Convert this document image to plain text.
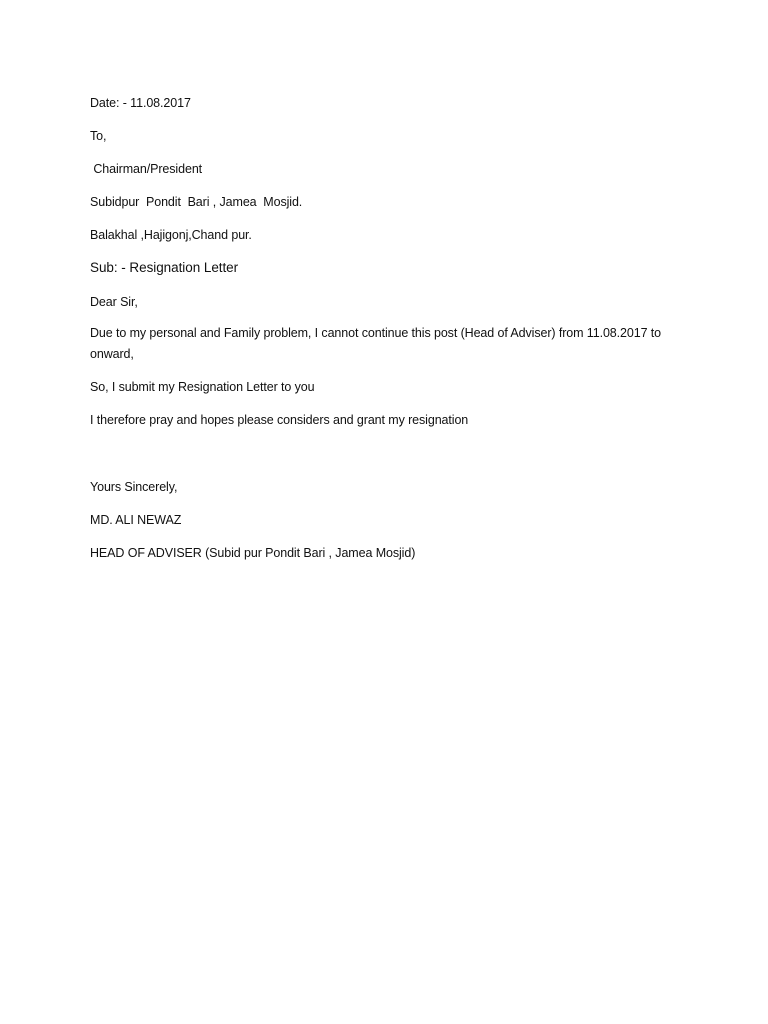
Date: - 11.08.2017
To,
Chairman/President
Subidpur  Pondit  Bari , Jamea  Mosjid.
Balakhal ,Hajigonj,Chand pur.
Sub: - Resignation Letter
Dear Sir,
Due to my personal and Family problem, I cannot continue this post (Head of Adviser) from 11.08.2017 to onward,
So, I submit my Resignation Letter to you
I therefore pray and hopes please considers and grant my resignation
Yours Sincerely,
MD. ALI NEWAZ
HEAD OF ADVISER (Subid pur Pondit Bari , Jamea Mosjid)
